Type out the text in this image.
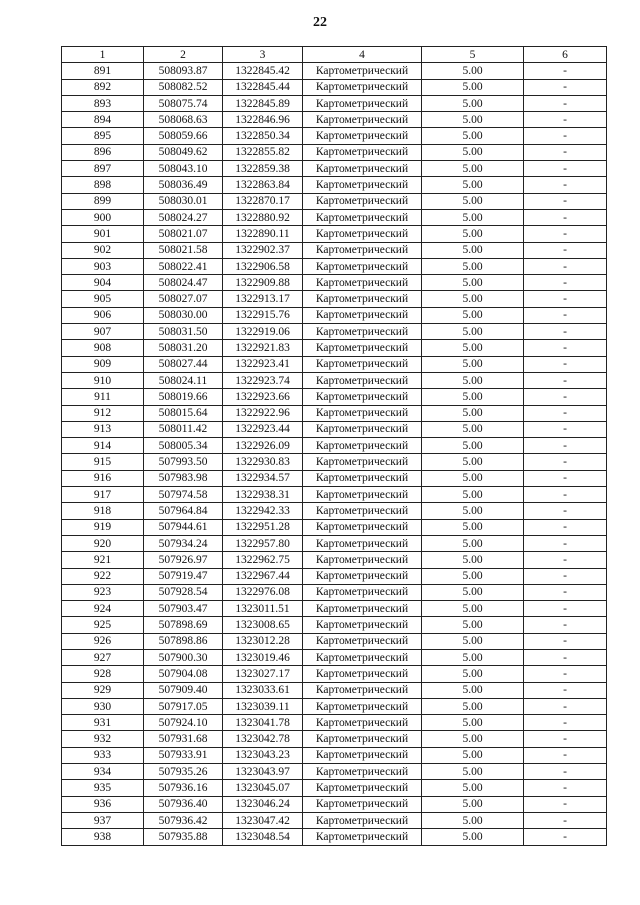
22
1	2	3	4	5	6
891	508093.87	1322845.42	Картометрический	5.00	-
892	508082.52	1322845.44	Картометрический	5.00	-
893	508075.74	1322845.89	Картометрический	5.00	-
894	508068.63	1322846.96	Картометрический	5.00	-
895	508059.66	1322850.34	Картометрический	5.00	-
896	508049.62	1322855.82	Картометрический	5.00	-
897	508043.10	1322859.38	Картометрический	5.00	-
898	508036.49	1322863.84	Картометрический	5.00	-
899	508030.01	1322870.17	Картометрический	5.00	-
900	508024.27	1322880.92	Картометрический	5.00	-
901	508021.07	1322890.11	Картометрический	5.00	-
902	508021.58	1322902.37	Картометрический	5.00	-
903	508022.41	1322906.58	Картометрический	5.00	-
904	508024.47	1322909.88	Картометрический	5.00	-
905	508027.07	1322913.17	Картометрический	5.00	-
906	508030.00	1322915.76	Картометрический	5.00	-
907	508031.50	1322919.06	Картометрический	5.00	-
908	508031.20	1322921.83	Картометрический	5.00	-
909	508027.44	1322923.41	Картометрический	5.00	-
910	508024.11	1322923.74	Картометрический	5.00	-
911	508019.66	1322923.66	Картометрический	5.00	-
912	508015.64	1322922.96	Картометрический	5.00	-
913	508011.42	1322923.44	Картометрический	5.00	-
914	508005.34	1322926.09	Картометрический	5.00	-
915	507993.50	1322930.83	Картометрический	5.00	-
916	507983.98	1322934.57	Картометрический	5.00	-
917	507974.58	1322938.31	Картометрический	5.00	-
918	507964.84	1322942.33	Картометрический	5.00	-
919	507944.61	1322951.28	Картометрический	5.00	-
920	507934.24	1322957.80	Картометрический	5.00	-
921	507926.97	1322962.75	Картометрический	5.00	-
922	507919.47	1322967.44	Картометрический	5.00	-
923	507928.54	1322976.08	Картометрический	5.00	-
924	507903.47	1323011.51	Картометрический	5.00	-
925	507898.69	1323008.65	Картометрический	5.00	-
926	507898.86	1323012.28	Картометрический	5.00	-
927	507900.30	1323019.46	Картометрический	5.00	-
928	507904.08	1323027.17	Картометрический	5.00	-
929	507909.40	1323033.61	Картометрический	5.00	-
930	507917.05	1323039.11	Картометрический	5.00	-
931	507924.10	1323041.78	Картометрический	5.00	-
932	507931.68	1323042.78	Картометрический	5.00	-
933	507933.91	1323043.23	Картометрический	5.00	-
934	507935.26	1323043.97	Картометрический	5.00	-
935	507936.16	1323045.07	Картометрический	5.00	-
936	507936.40	1323046.24	Картометрический	5.00	-
937	507936.42	1323047.42	Картометрический	5.00	-
938	507935.88	1323048.54	Картометрический	5.00	-
